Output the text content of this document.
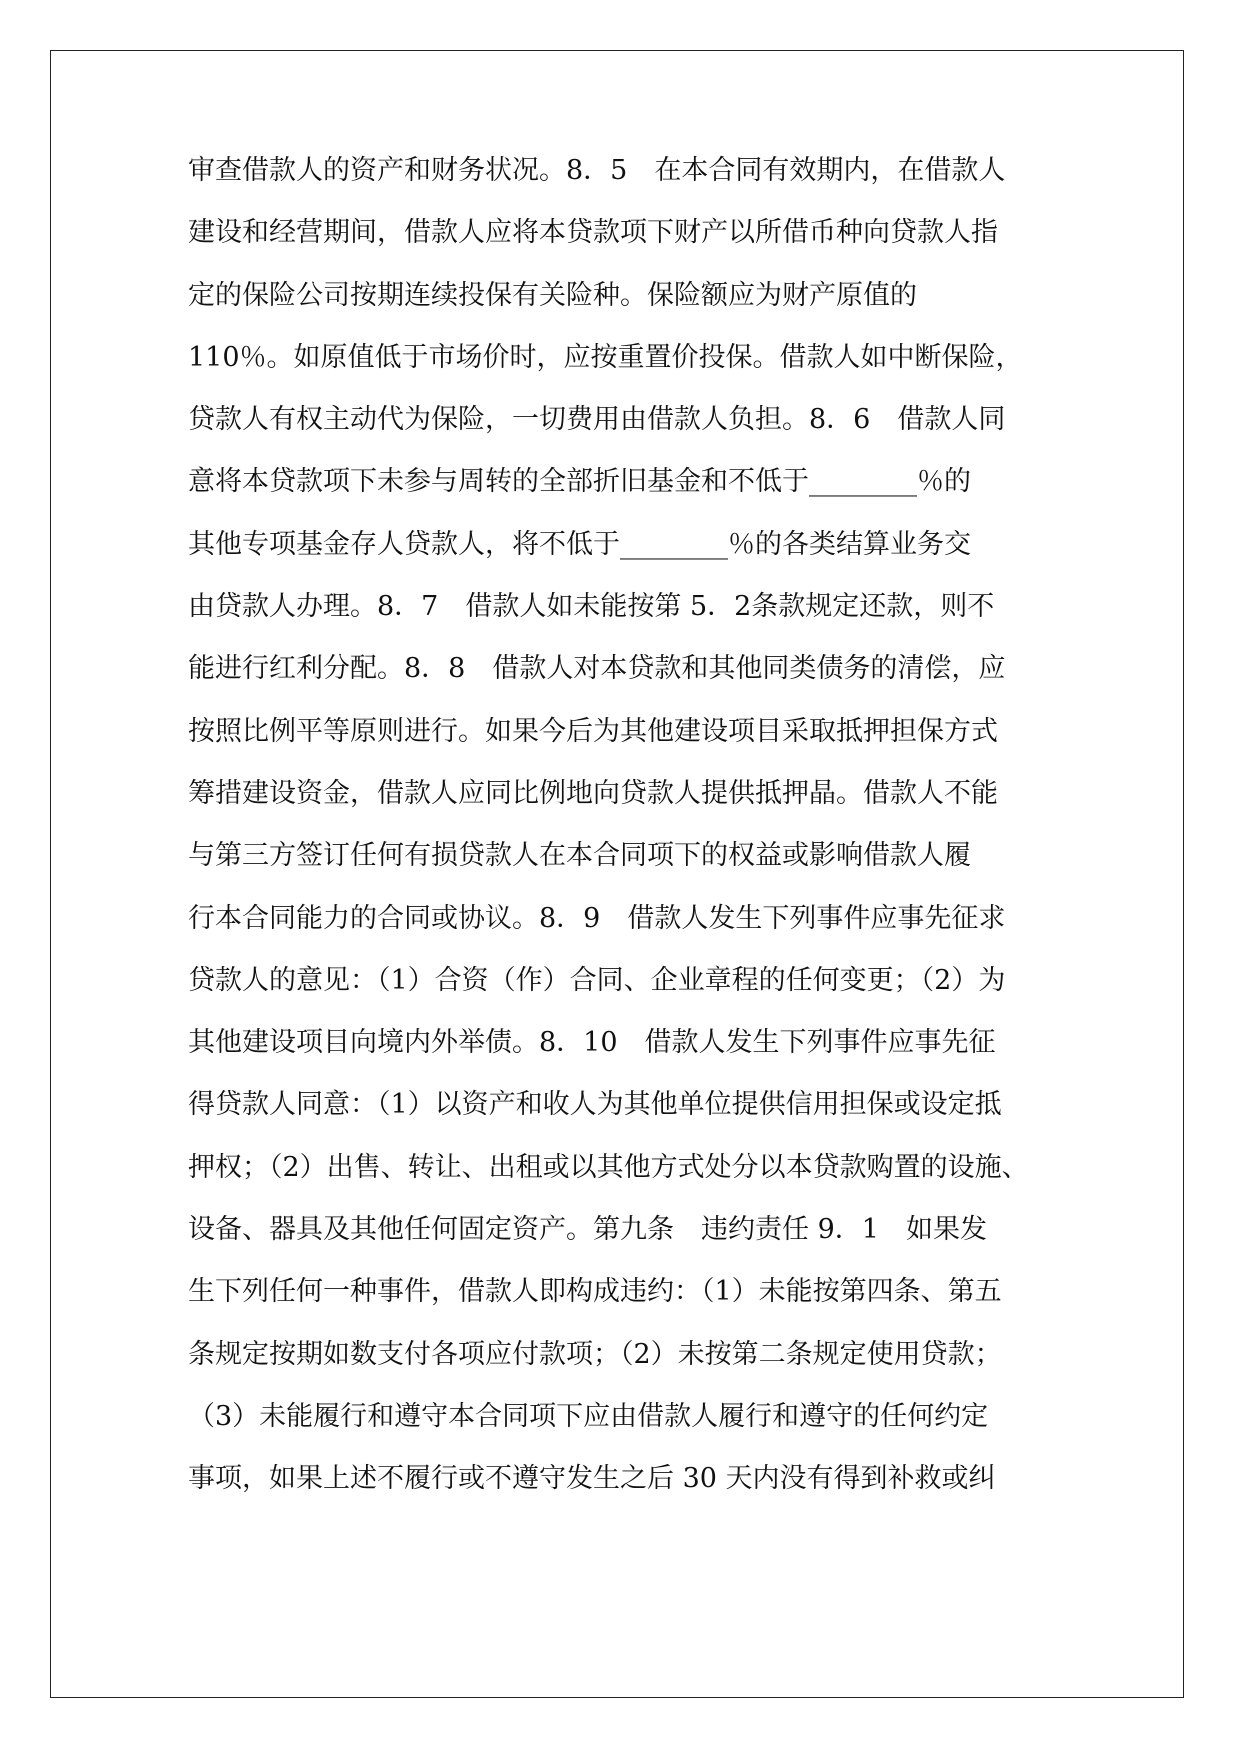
审查借款人的资产和财务状况。8．5　在本合同有效期内，在借款人
建设和经营期间，借款人应将本贷款项下财产以所借币种向贷款人指
定的保险公司按期连续投保有关险种。保险额应为财产原值的
110％。如原值低于市场价时，应按重置价投保。借款人如中断保险，
贷款人有权主动代为保险，一切费用由借款人负担。8．6　借款人同
意将本贷款项下未参与周转的全部折旧基金和不低于________％的
其他专项基金存人贷款人，将不低于________％的各类结算业务交
由贷款人办理。8．7　借款人如未能按第 5．2条款规定还款，则不
能进行红利分配。8．8　借款人对本贷款和其他同类债务的清偿，应
按照比例平等原则进行。如果今后为其他建设项目采取抵押担保方式
筹措建设资金，借款人应同比例地向贷款人提供抵押晶。借款人不能
与第三方签订任何有损贷款人在本合同项下的权益或影响借款人履
行本合同能力的合同或协议。8．9　借款人发生下列事件应事先征求
贷款人的意见：（1）合资（作）合同、企业章程的任何变更；（2）为
其他建设项目向境内外举债。8．10　借款人发生下列事件应事先征
得贷款人同意：（1）以资产和收人为其他单位提供信用担保或设定抵
押权；（2）出售、转让、出租或以其他方式处分以本贷款购置的设施、
设备、器具及其他任何固定资产。第九条　违约责任 9．1　如果发
生下列任何一种事件，借款人即构成违约：（1）未能按第四条、第五
条规定按期如数支付各项应付款项；（2）未按第二条规定使用贷款；
（3）未能履行和遵守本合同项下应由借款人履行和遵守的任何约定
事项，如果上述不履行或不遵守发生之后 30 天内没有得到补救或纠
